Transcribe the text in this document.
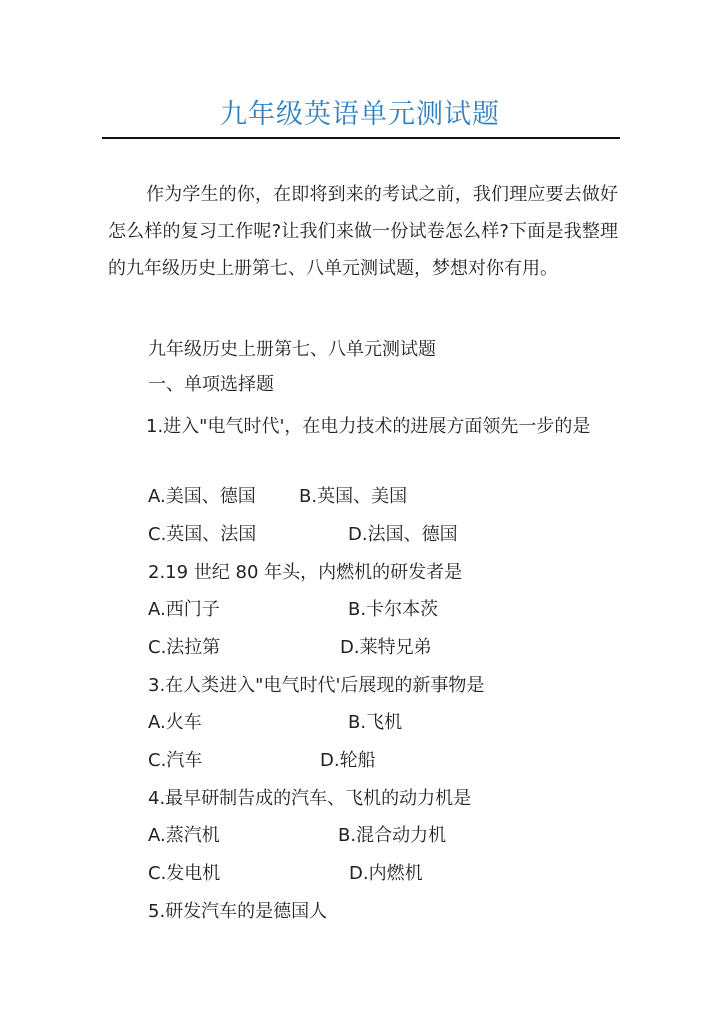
九年级英语单元测试题

作为学生的你，在即将到来的考试之前，我们理应要去做好怎么样的复习工作呢?让我们来做一份试卷怎么样?下面是我整理的九年级历史上册第七、八单元测试题，梦想对你有用。

九年级历史上册第七、八单元测试题
一、单项选择题

1.进入"电气时代'，在电力技术的进展方面领先一步的是

A.美国、德国 B.英国、美国
C.英国、法国	D.法国、德国
2.19 世纪 80 年头，内燃机的研发者是
A.西门子	B.卡尔本茨
C.法拉第	D.莱特兄弟
3.在人类进入"电气时代'后展现的新事物是
A.火车	B.飞机
C.汽车	D.轮船
4.最早研制告成的汽车、飞机的动力机是
A.蒸汽机	B.混合动力机
C.发电机	D.内燃机
5.研发汽车的是德国人
